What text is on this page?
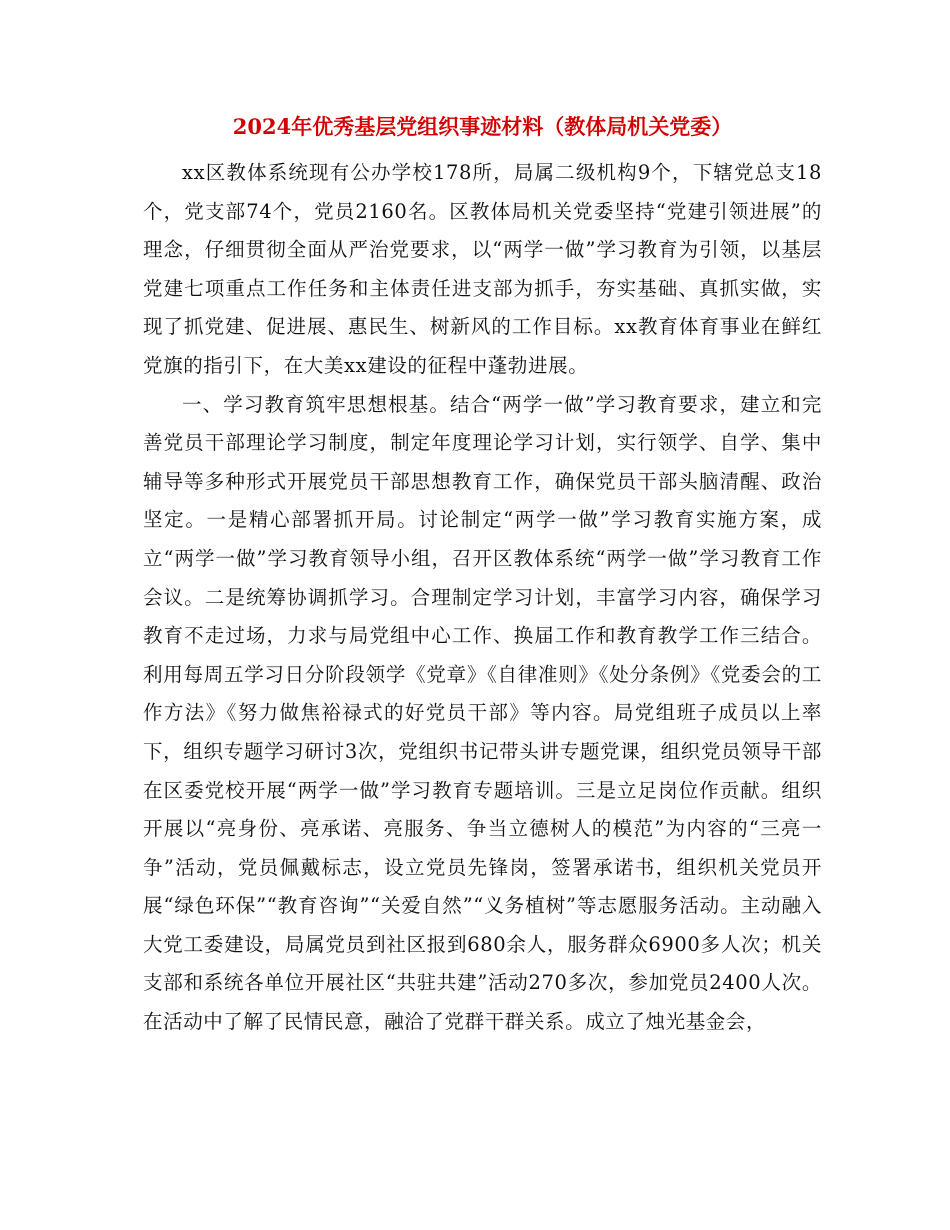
2024年优秀基层党组织事迹材料（教体局机关党委）

xx区教体系统现有公办学校178所，局属二级机构9个，下辖党总支18个，党支部74个，党员2160名。区教体局机关党委坚持“党建引领进展”的理念，仔细贯彻全面从严治党要求，以“两学一做”学习教育为引领，以基层党建七项重点工作任务和主体责任进支部为抓手，夯实基础、真抓实做，实现了抓党建、促进展、惠民生、树新风的工作目标。xx教育体育事业在鲜红党旗的指引下，在大美xx建设的征程中蓬勃进展。

一、学习教育筑牢思想根基。结合“两学一做”学习教育要求，建立和完善党员干部理论学习制度，制定年度理论学习计划，实行领学、自学、集中辅导等多种形式开展党员干部思想教育工作，确保党员干部头脑清醒、政治坚定。一是精心部署抓开局。讨论制定“两学一做”学习教育实施方案，成立“两学一做”学习教育领导小组，召开区教体系统“两学一做”学习教育工作会议。二是统筹协调抓学习。合理制定学习计划，丰富学习内容，确保学习教育不走过场，力求与局党组中心工作、换届工作和教育教学工作三结合。利用每周五学习日分阶段领学《党章》《自律准则》《处分条例》《党委会的工作方法》《努力做焦裕禄式的好党员干部》等内容。局党组班子成员以上率下，组织专题学习研讨3次，党组织书记带头讲专题党课，组织党员领导干部在区委党校开展“两学一做”学习教育专题培训。三是立足岗位作贡献。组织开展以“亮身份、亮承诺、亮服务、争当立德树人的模范”为内容的“三亮一争”活动，党员佩戴标志，设立党员先锋岗，签署承诺书，组织机关党员开展“绿色环保”“教育咨询”“关爱自然”“义务植树”等志愿服务活动。主动融入大党工委建设，局属党员到社区报到680余人，服务群众6900多人次；机关支部和系统各单位开展社区“共驻共建”活动270多次，参加党员2400人次。在活动中了解了民情民意，融洽了党群干群关系。成立了烛光基金会，
